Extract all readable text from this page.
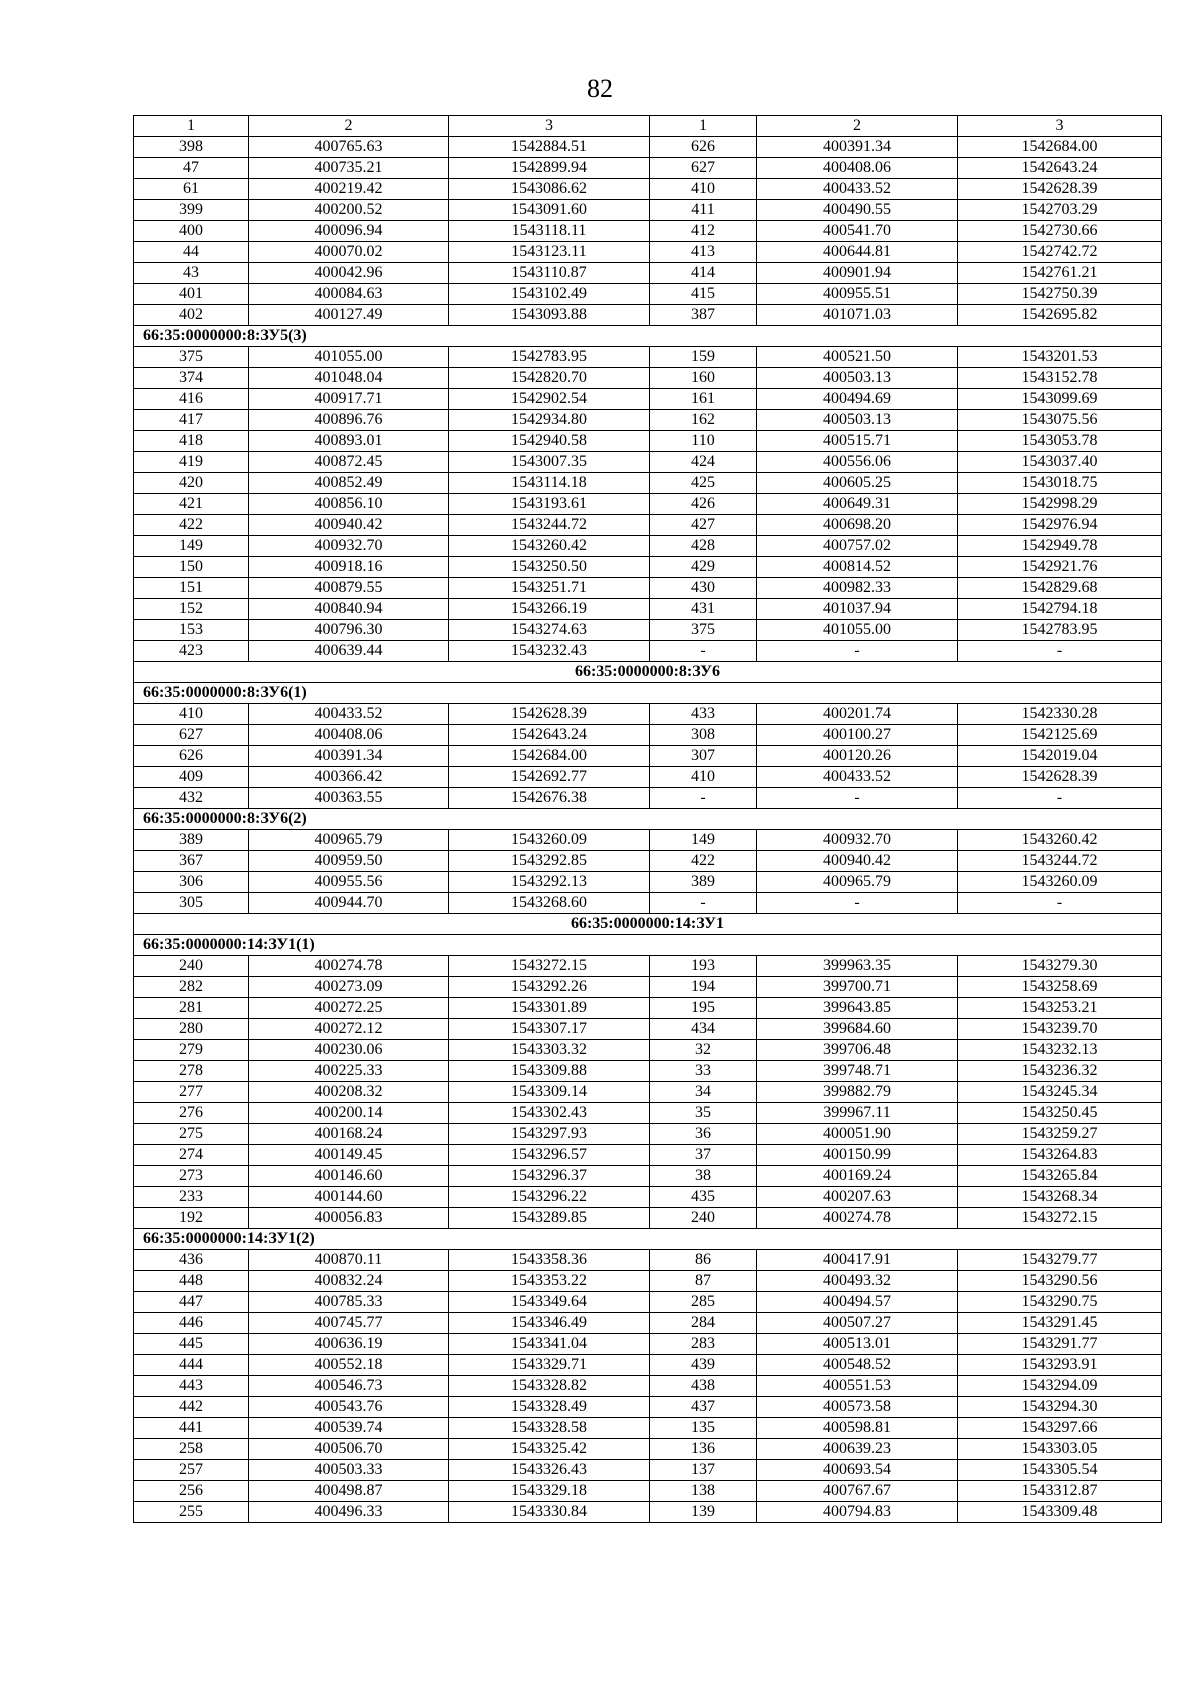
82
1	2	3	1	2	3
398	400765.63	1542884.51	626	400391.34	1542684.00
47	400735.21	1542899.94	627	400408.06	1542643.24
61	400219.42	1543086.62	410	400433.52	1542628.39
399	400200.52	1543091.60	411	400490.55	1542703.29
400	400096.94	1543118.11	412	400541.70	1542730.66
44	400070.02	1543123.11	413	400644.81	1542742.72
43	400042.96	1543110.87	414	400901.94	1542761.21
401	400084.63	1543102.49	415	400955.51	1542750.39
402	400127.49	1543093.88	387	401071.03	1542695.82
66:35:0000000:8:ЗУ5(3)					
375	401055.00	1542783.95	159	400521.50	1543201.53
374	401048.04	1542820.70	160	400503.13	1543152.78
416	400917.71	1542902.54	161	400494.69	1543099.69
417	400896.76	1542934.80	162	400503.13	1543075.56
418	400893.01	1542940.58	110	400515.71	1543053.78
419	400872.45	1543007.35	424	400556.06	1543037.40
420	400852.49	1543114.18	425	400605.25	1543018.75
421	400856.10	1543193.61	426	400649.31	1542998.29
422	400940.42	1543244.72	427	400698.20	1542976.94
149	400932.70	1543260.42	428	400757.02	1542949.78
150	400918.16	1543250.50	429	400814.52	1542921.76
151	400879.55	1543251.71	430	400982.33	1542829.68
152	400840.94	1543266.19	431	401037.94	1542794.18
153	400796.30	1543274.63	375	401055.00	1542783.95
423	400639.44	1543232.43	-	-	-
66:35:0000000:8:ЗУ6					
66:35:0000000:8:ЗУ6(1)					
410	400433.52	1542628.39	433	400201.74	1542330.28
627	400408.06	1542643.24	308	400100.27	1542125.69
626	400391.34	1542684.00	307	400120.26	1542019.04
409	400366.42	1542692.77	410	400433.52	1542628.39
432	400363.55	1542676.38	-	-	-
66:35:0000000:8:ЗУ6(2)					
389	400965.79	1543260.09	149	400932.70	1543260.42
367	400959.50	1543292.85	422	400940.42	1543244.72
306	400955.56	1543292.13	389	400965.79	1543260.09
305	400944.70	1543268.60	-	-	-
66:35:0000000:14:ЗУ1					
66:35:0000000:14:ЗУ1(1)					
240	400274.78	1543272.15	193	399963.35	1543279.30
282	400273.09	1543292.26	194	399700.71	1543258.69
281	400272.25	1543301.89	195	399643.85	1543253.21
280	400272.12	1543307.17	434	399684.60	1543239.70
279	400230.06	1543303.32	32	399706.48	1543232.13
278	400225.33	1543309.88	33	399748.71	1543236.32
277	400208.32	1543309.14	34	399882.79	1543245.34
276	400200.14	1543302.43	35	399967.11	1543250.45
275	400168.24	1543297.93	36	400051.90	1543259.27
274	400149.45	1543296.57	37	400150.99	1543264.83
273	400146.60	1543296.37	38	400169.24	1543265.84
233	400144.60	1543296.22	435	400207.63	1543268.34
192	400056.83	1543289.85	240	400274.78	1543272.15
66:35:0000000:14:ЗУ1(2)					
436	400870.11	1543358.36	86	400417.91	1543279.77
448	400832.24	1543353.22	87	400493.32	1543290.56
447	400785.33	1543349.64	285	400494.57	1543290.75
446	400745.77	1543346.49	284	400507.27	1543291.45
445	400636.19	1543341.04	283	400513.01	1543291.77
444	400552.18	1543329.71	439	400548.52	1543293.91
443	400546.73	1543328.82	438	400551.53	1543294.09
442	400543.76	1543328.49	437	400573.58	1543294.30
441	400539.74	1543328.58	135	400598.81	1543297.66
258	400506.70	1543325.42	136	400639.23	1543303.05
257	400503.33	1543326.43	137	400693.54	1543305.54
256	400498.87	1543329.18	138	400767.67	1543312.87
255	400496.33	1543330.84	139	400794.83	1543309.48
